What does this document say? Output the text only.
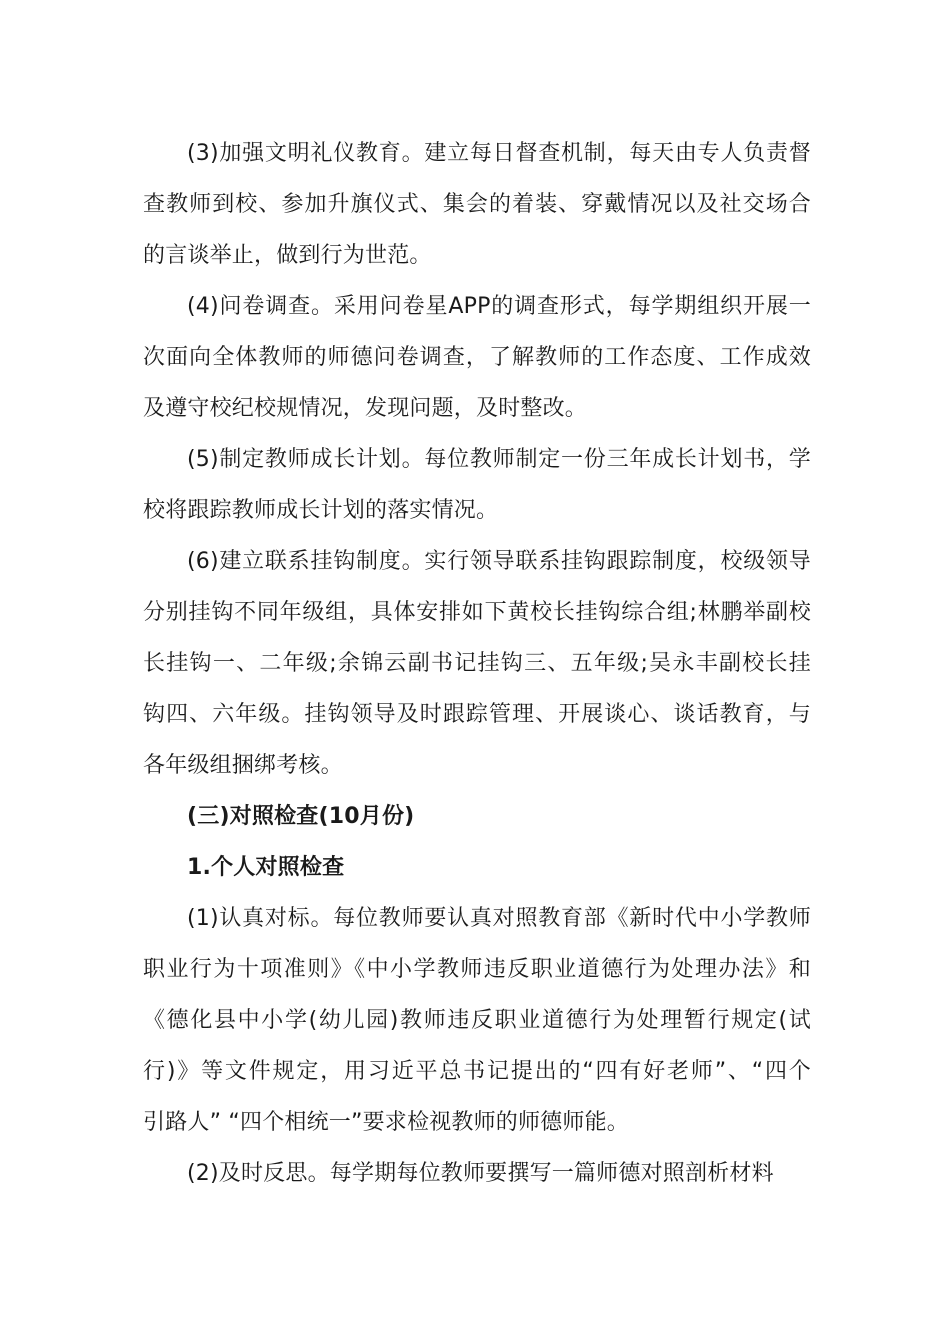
(3)加强文明礼仪教育。建立每日督查机制，每天由专人负责督
查教师到校、参加升旗仪式、集会的着装、穿戴情况以及社交场合
的言谈举止，做到行为世范。
(4)问卷调查。采用问卷星APP的调查形式，每学期组织开展一
次面向全体教师的师德问卷调查，了解教师的工作态度、工作成效
及遵守校纪校规情况，发现问题，及时整改。
(5)制定教师成长计划。每位教师制定一份三年成长计划书，学
校将跟踪教师成长计划的落实情况。
(6)建立联系挂钩制度。实行领导联系挂钩跟踪制度，校级领导
分别挂钩不同年级组，具体安排如下黄校长挂钩综合组;林鹏举副校
长挂钩一、二年级;余锦云副书记挂钩三、五年级;吴永丰副校长挂
钩四、六年级。挂钩领导及时跟踪管理、开展谈心、谈话教育，与
各年级组捆绑考核。
(三)对照检查(10月份)
1.个人对照检查
(1)认真对标。每位教师要认真对照教育部《新时代中小学教师
职业行为十项准则》《中小学教师违反职业道德行为处理办法》和
《德化县中小学(幼儿园)教师违反职业道德行为处理暂行规定(试
行)》等文件规定，用习近平总书记提出的“四有好老师”、“四个
引路人” “四个相统一”要求检视教师的师德师能。
(2)及时反思。每学期每位教师要撰写一篇师德对照剖析材料
